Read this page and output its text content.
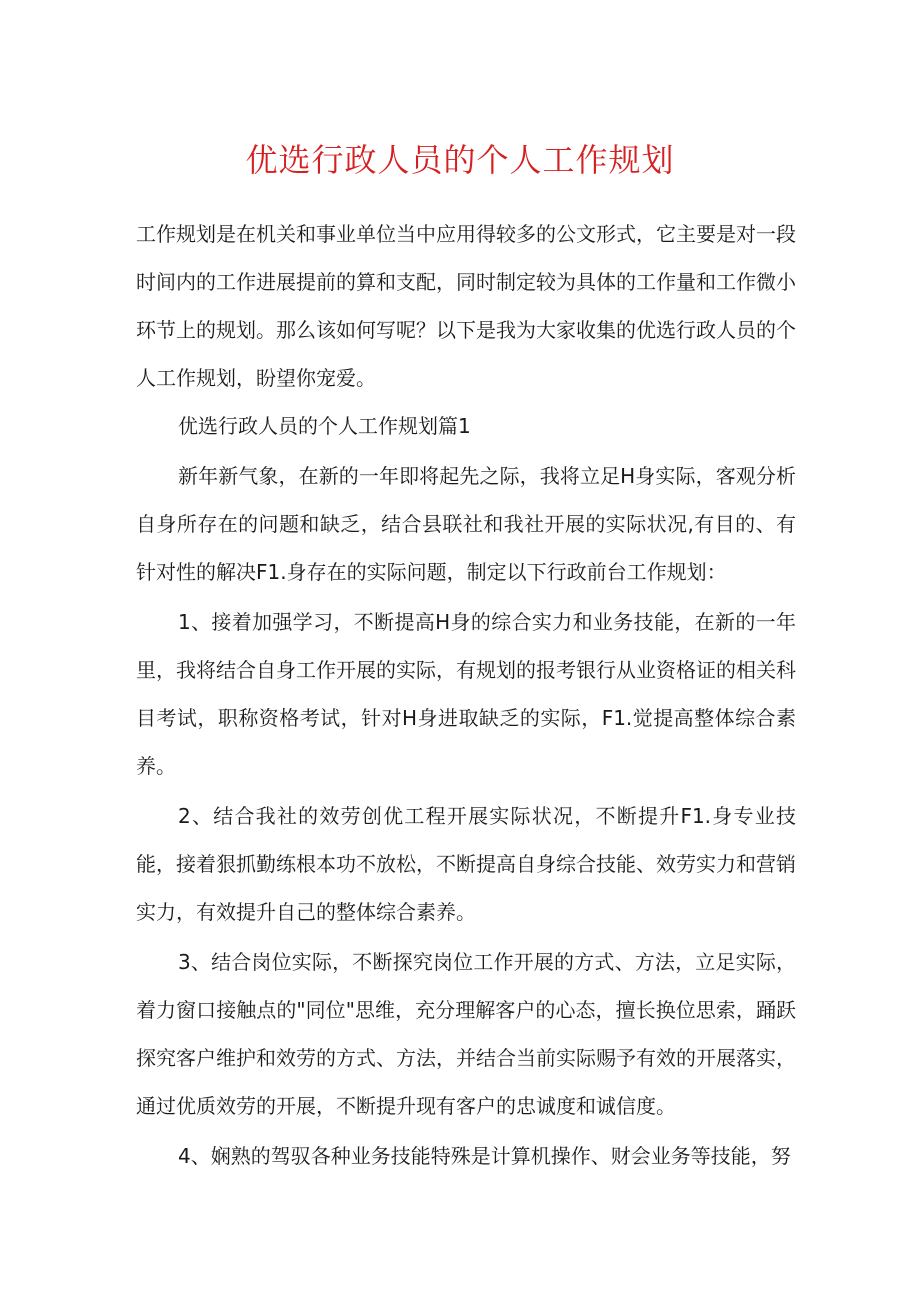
优选行政人员的个人工作规划

工作规划是在机关和事业单位当中应用得较多的公文形式，它主要是对一段时间内的工作进展提前的算和支配，同时制定较为具体的工作量和工作微小环节上的规划。那么该如何写呢？以下是我为大家收集的优选行政人员的个人工作规划，盼望你宠爱。

优选行政人员的个人工作规划篇1

新年新气象，在新的一年即将起先之际，我将立足H身实际，客观分析自身所存在的问题和缺乏，结合县联社和我社开展的实际状况,有目的、有针对性的解决F1.身存在的实际问题，制定以下行政前台工作规划：

1、接着加强学习，不断提高H身的综合实力和业务技能，在新的一年里，我将结合自身工作开展的实际，有规划的报考银行从业资格证的相关科目考试，职称资格考试，针对H身进取缺乏的实际，F1.觉提高整体综合素养。

2、结合我社的效劳创优工程开展实际状况，不断提升F1.身专业技能，接着狠抓勤练根本功不放松，不断提高自身综合技能、效劳实力和营销实力，有效提升自己的整体综合素养。

3、结合岗位实际，不断探究岗位工作开展的方式、方法，立足实际，着力窗口接触点的"同位"思维，充分理解客户的心态，擅长换位思索，踊跃探究客户维护和效劳的方式、方法，并结合当前实际赐予有效的开展落实，通过优质效劳的开展，不断提升现有客户的忠诚度和诚信度。

4、娴熟的驾驭各种业务技能特殊是计算机操作、财会业务等技能，努
